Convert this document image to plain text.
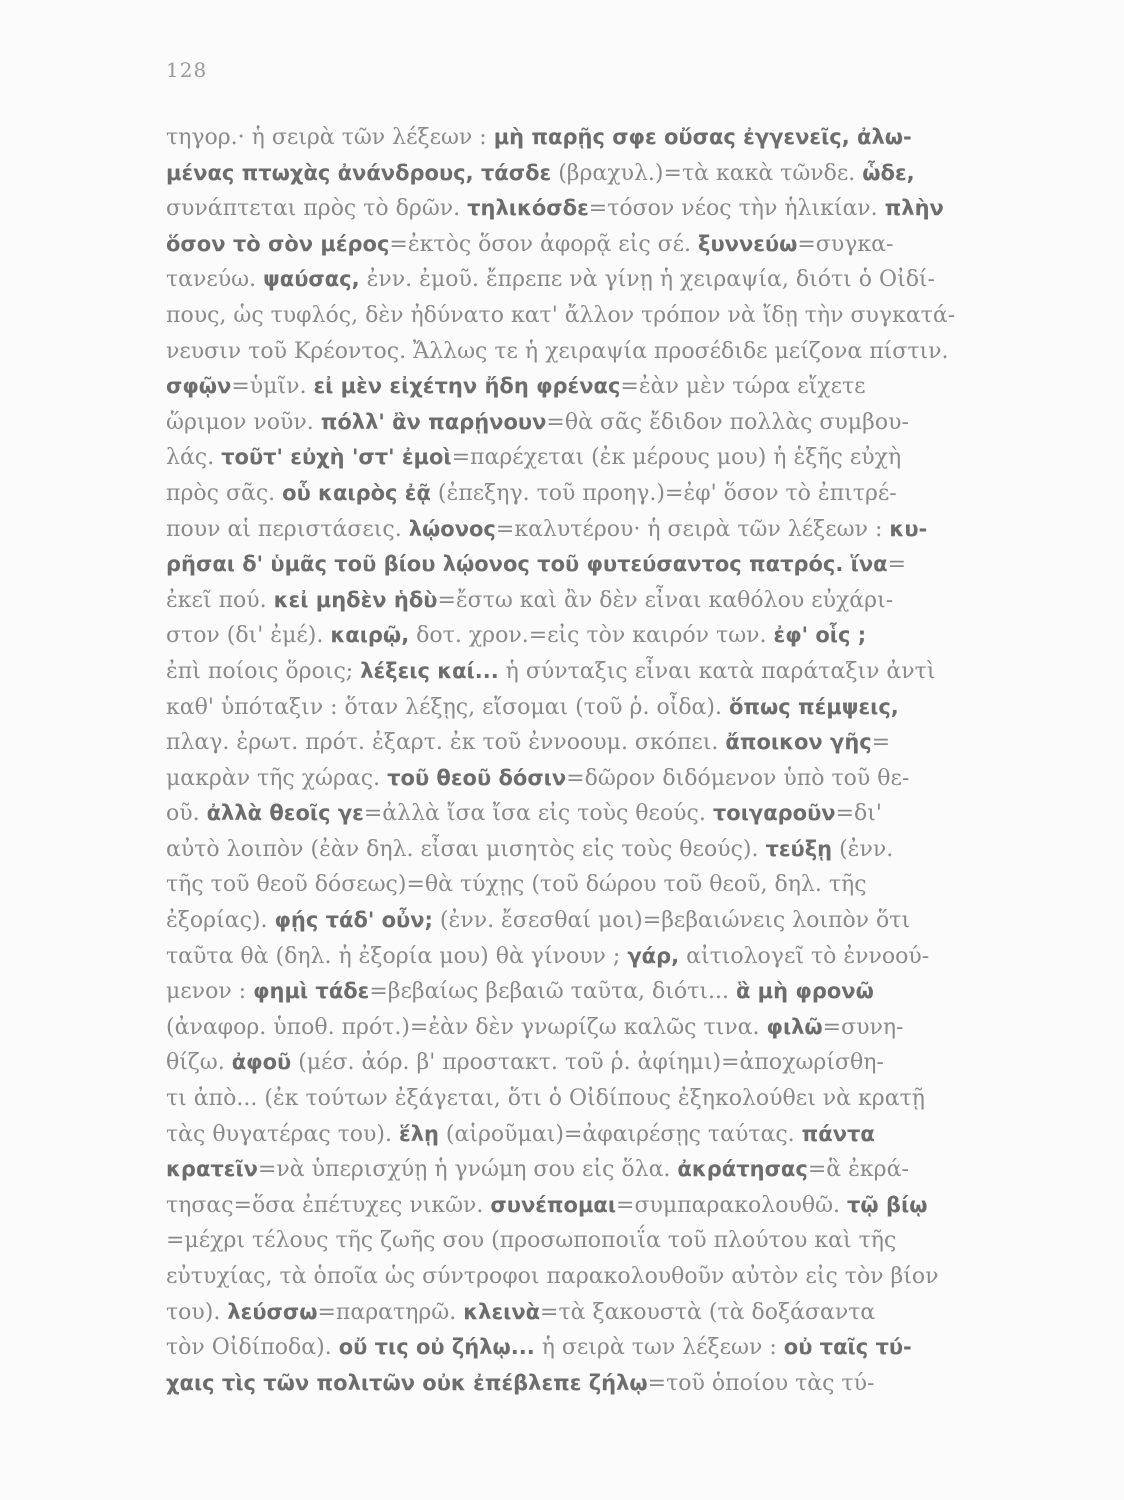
128
τηγορ.· ἡ σειρὰ τῶν λέξεων : μὴ παρῇς σφε οὔσας ἐγγενεῖς, ἀλω-
μένας πτωχὰς ἀνάνδρους, τάσδε (βραχυλ.)=τὰ κακὰ τῶνδε. ὧδε,
συνάπτεται πρὸς τὸ δρῶν. τηλικόσδε=τόσον νέος τὴν ἡλικίαν. πλὴν
ὅσον τὸ σὸν μέρος=ἐκτὸς ὅσον ἀφορᾷ εἰς σέ. ξυννεύω=συγκα-
τανεύω. ψαύσας, ἐνν. ἐμοῦ. ἔπρεπε νὰ γίνῃ ἡ χειραψία, διότι ὁ Οἰδί-
πους, ὡς τυφλός, δὲν ἠδύνατο κατ' ἄλλον τρόπον νὰ ἴδῃ τὴν συγκατά-
νευσιν τοῦ Κρέοντος. Ἄλλως τε ἡ χειραψία προσέδιδε μείζονα πίστιν.
σφῷν=ὑμῖν. εἰ μὲν εἰχέτην ἤδη φρένας=ἐὰν μὲν τώρα εἴχετε
ὥριμον νοῦν. πόλλ' ἂν παρῄνουν=θὰ σᾶς ἔδιδον πολλὰς συμβου-
λάς. τοῦτ' εὐχὴ 'στ' ἐμοὶ=παρέχεται (ἐκ μέρους μου) ἡ ἑξῆς εὐχὴ
πρὸς σᾶς. οὗ καιρὸς ἐᾷ (ἐπεξηγ. τοῦ προηγ.)=ἐφ' ὅσον τὸ ἐπιτρέ-
πουν αἱ περιστάσεις. λῴονος=καλυτέρου· ἡ σειρὰ τῶν λέξεων : κυ-
ρῆσαι δ' ὑμᾶς τοῦ βίου λῴονος τοῦ φυτεύσαντος πατρός. ἵνα=
ἐκεῖ πού. κεἰ μηδὲν ἡδὺ=ἔστω καὶ ἂν δὲν εἶναι καθόλου εὐχάρι-
στον (δι' ἐμέ). καιρῷ, δοτ. χρον.=εἰς τὸν καιρόν των. ἐφ' οἷς ;
ἐπὶ ποίοις ὅροις; λέξεις καί... ἡ σύνταξις εἶναι κατὰ παράταξιν ἀντὶ
καθ' ὑπόταξιν : ὅταν λέξῃς, εἴσομαι (τοῦ ῥ. οἶδα). ὅπως πέμψεις,
πλαγ. ἐρωτ. πρότ. ἐξαρτ. ἐκ τοῦ ἐννοουμ. σκόπει. ἄποικον γῆς=
μακρὰν τῆς χώρας. τοῦ θεοῦ δόσιν=δῶρον διδόμενον ὑπὸ τοῦ θε-
οῦ. ἀλλὰ θεοῖς γε=ἀλλὰ ἴσα ἴσα εἰς τοὺς θεούς. τοιγαροῦν=δι'
αὐτὸ λοιπὸν (ἐὰν δηλ. εἶσαι μισητὸς εἰς τοὺς θεούς). τεύξῃ (ἐνν.
τῆς τοῦ θεοῦ δόσεως)=θὰ τύχῃς (τοῦ δώρου τοῦ θεοῦ, δηλ. τῆς
ἐξορίας). φῄς τάδ' οὖν; (ἐνν. ἔσεσθαί μοι)=βεβαιώνεις λοιπὸν ὅτι
ταῦτα θὰ (δηλ. ἡ ἐξορία μου) θὰ γίνουν ; γάρ, αἰτιολογεῖ τὸ ἐννοού-
μενον : φημὶ τάδε=βεβαίως βεβαιῶ ταῦτα, διότι... ἃ μὴ φρονῶ
(ἀναφορ. ὑποθ. πρότ.)=ἐὰν δὲν γνωρίζω καλῶς τινα. φιλῶ=συνη-
θίζω. ἀφοῦ (μέσ. ἀόρ. β' προστακτ. τοῦ ῥ. ἀφίημι)=ἀποχωρίσθη-
τι ἀπὸ... (ἐκ τούτων ἐξάγεται, ὅτι ὁ Οἰδίπους ἐξηκολούθει νὰ κρατῇ
τὰς θυγατέρας του). ἕλῃ (αἱροῦμαι)=ἀφαιρέσῃς ταύτας. πάντα
κρατεῖν=νὰ ὑπερισχύῃ ἡ γνώμη σου εἰς ὅλα. ἀκράτησας=ἃ ἐκρά-
τησας=ὅσα ἐπέτυχες νικῶν. συνέπομαι=συμπαρακολουθῶ. τῷ βίῳ
=μέχρι τέλους τῆς ζωῆς σου (προσωποποιΐα τοῦ πλούτου καὶ τῆς
εὐτυχίας, τὰ ὁποῖα ὡς σύντροφοι παρακολουθοῦν αὐτὸν εἰς τὸν βίον
του). λεύσσω=παρατηρῶ. κλεινὰ=τὰ ξακουστὰ (τὰ δοξάσαντα
τὸν Οἰδίποδα). οὔ τις οὐ ζήλῳ... ἡ σειρὰ των λέξεων : οὐ ταῖς τύ-
χαις τὶς τῶν πολιτῶν οὐκ ἐπέβλεπε ζήλῳ=τοῦ ὁποίου τὰς τύ-
